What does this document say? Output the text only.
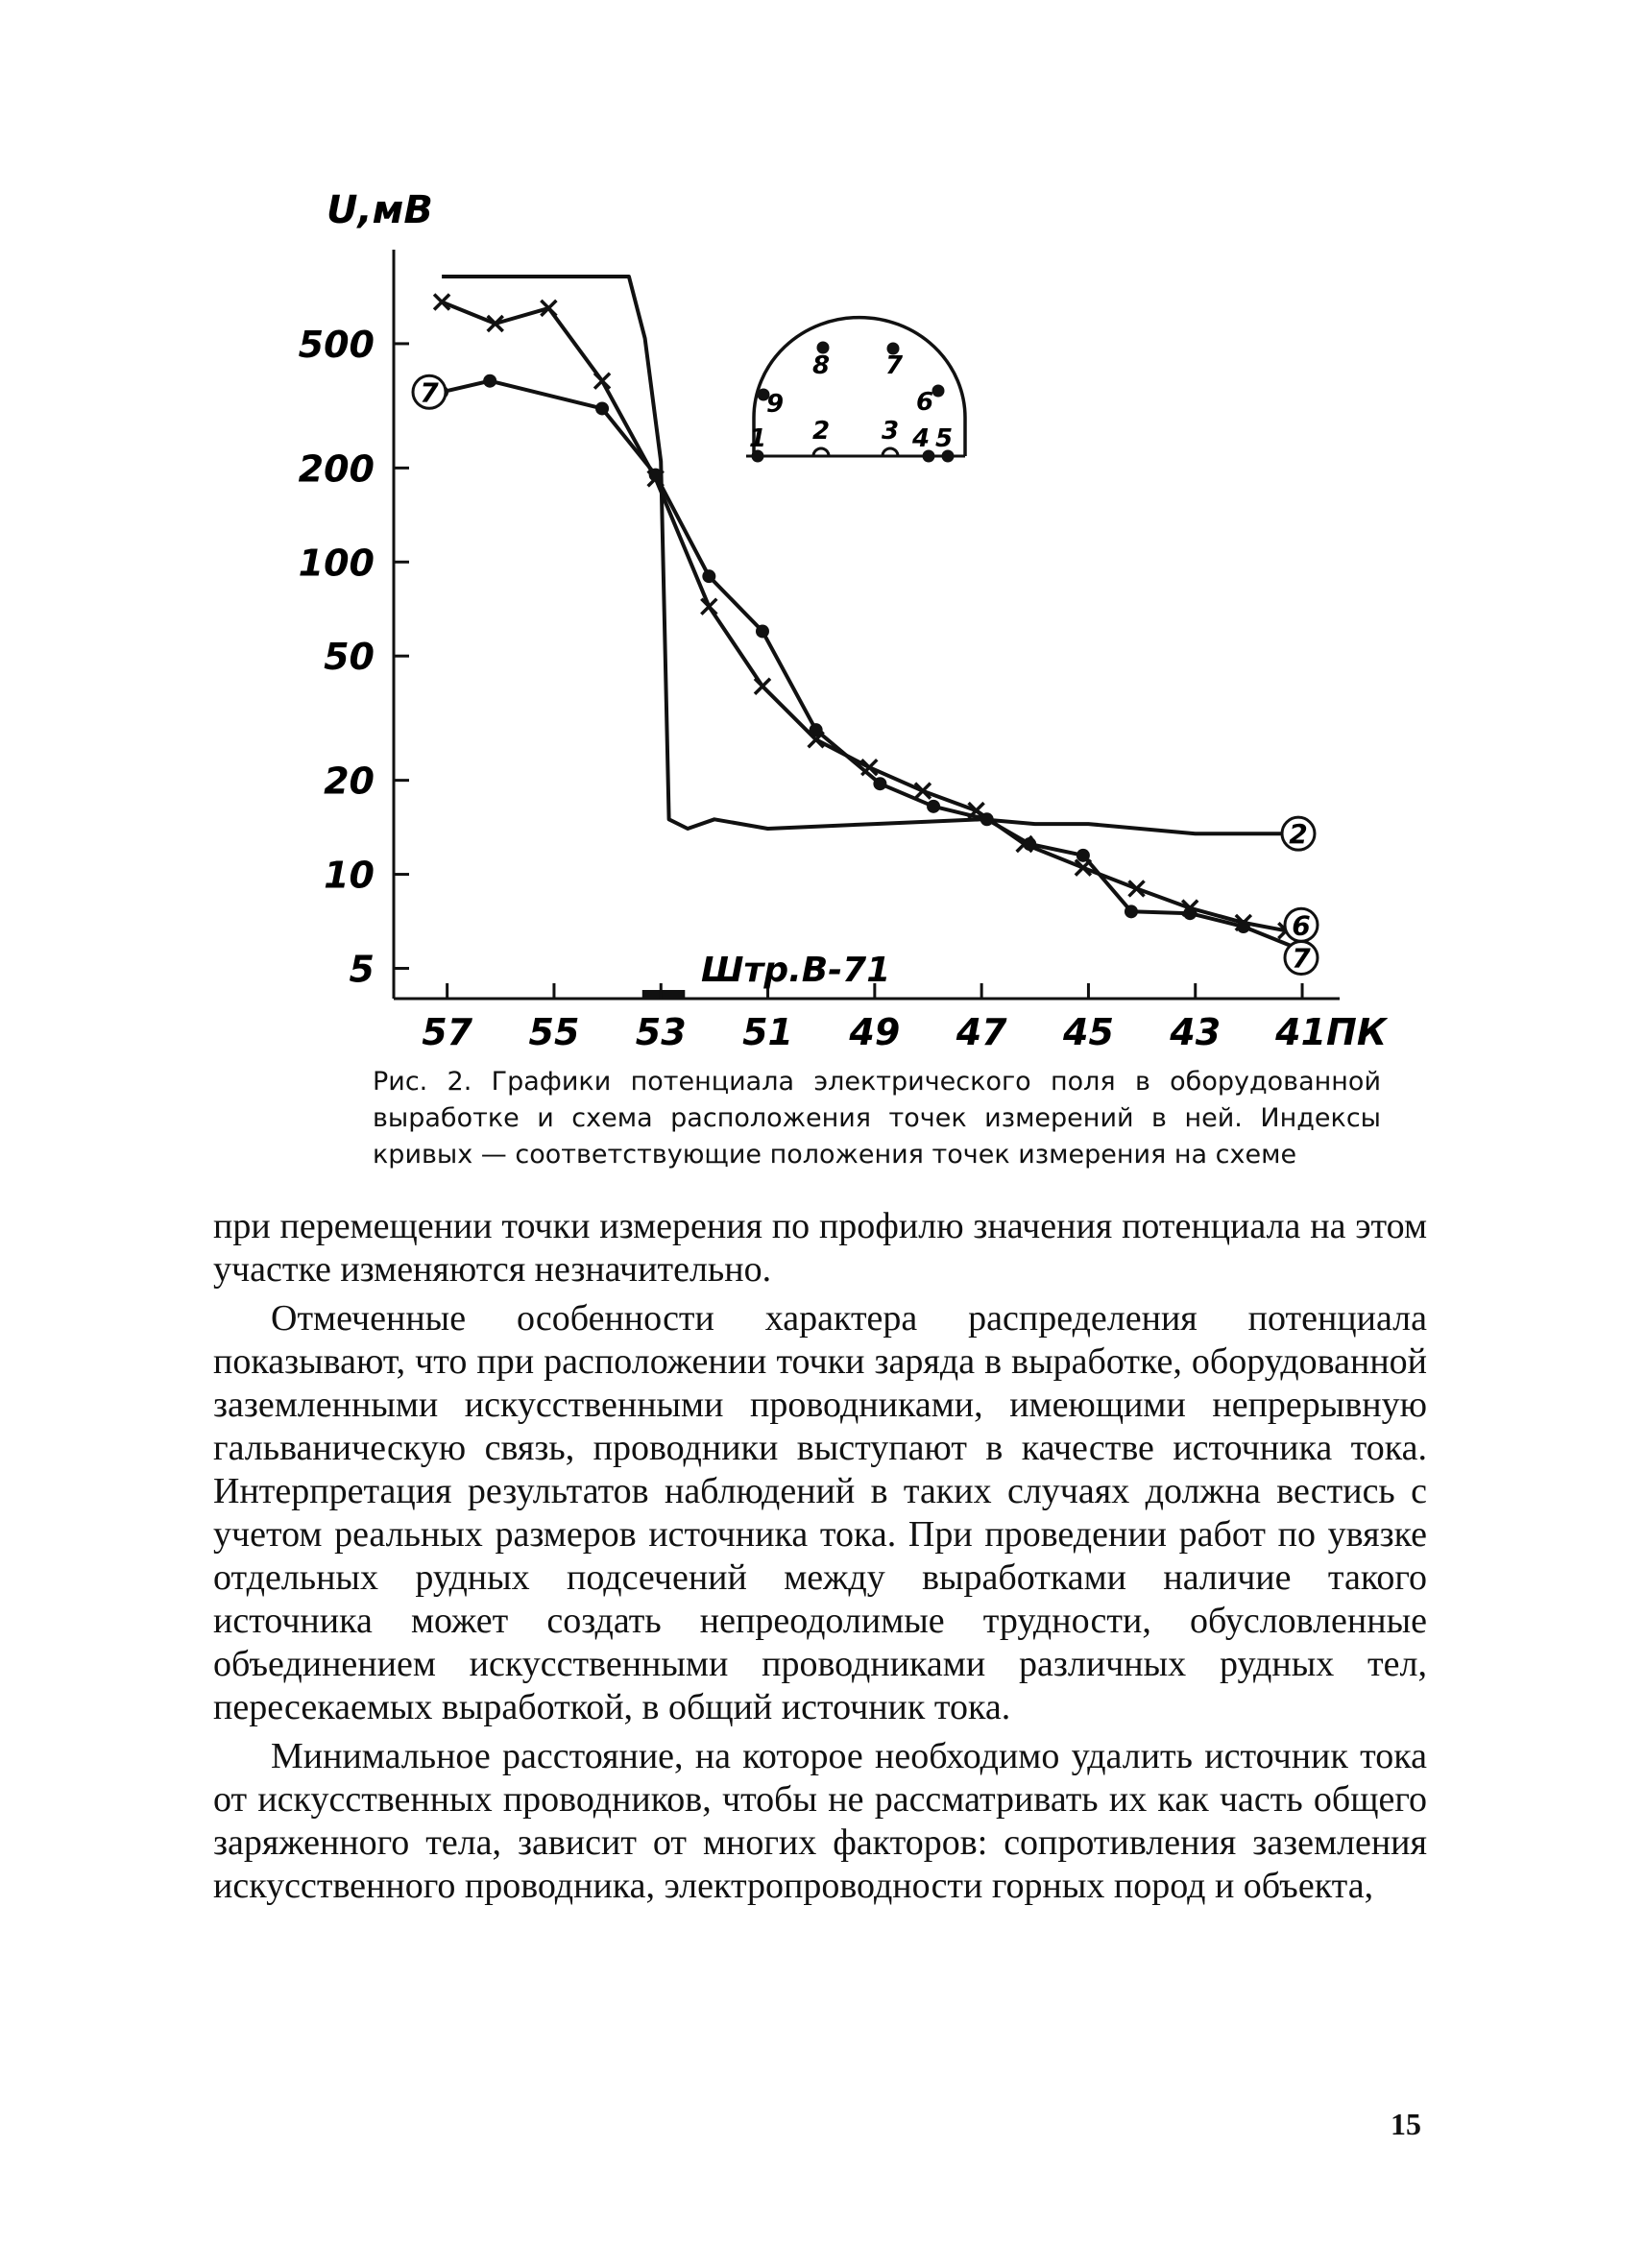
500
200
100
50
20
10
5
57 55 53 51 49 47 45 43 41ПК
7
2
6
7
1 2 3 4 5
6
7
8
9
U,мВ
Штр.В-71
Рис. 2. Графики потенциала электрического поля в оборудованной выработке и схема расположения точек измерений в ней. Индексы кривых — соответствующие положения точек измерения на схеме

при перемещении точки измерения по профилю значения потенциала на этом участке изменяются незначительно.

Отмеченные особенности характера распределения потенциала показывают, что при расположении точки заряда в выработке, оборудованной заземленными искусственными проводниками, имеющими непрерывную гальваническую связь, проводники выступают в качестве источника тока. Интерпретация результатов наблюдений в таких случаях должна вестись с учетом реальных размеров источника тока. При проведении работ по увязке отдельных рудных подсечений между выработками наличие такого источника может создать непреодолимые трудности, обусловленные объединением искусственными проводниками различных рудных тел, пересекаемых выработкой, в общий источник тока.

Минимальное расстояние, на которое необходимо удалить источник тока от искусственных проводников, чтобы не рассматривать их как часть общего заряженного тела, зависит от многих факторов: сопротивления заземления искусственного проводника, электропроводности горных пород и объекта,

15
